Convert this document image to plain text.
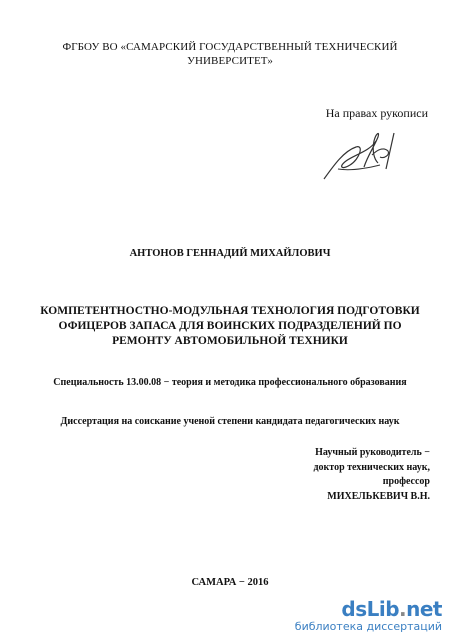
ФГБОУ ВО «САМАРСКИЙ ГОСУДАРСТВЕННЫЙ ТЕХНИЧЕСКИЙ
УНИВЕРСИТЕТ»
На правах рукописи
АНТОНОВ ГЕННАДИЙ МИХАЙЛОВИЧ
КОМПЕТЕНТНОСТНО-МОДУЛЬНАЯ ТЕХНОЛОГИЯ ПОДГОТОВКИ
ОФИЦЕРОВ ЗАПАСА ДЛЯ ВОИНСКИХ ПОДРАЗДЕЛЕНИЙ ПО
РЕМОНТУ АВТОМОБИЛЬНОЙ ТЕХНИКИ
Специальность 13.00.08 − теория и методика профессионального образования
Диссертация на соискание ученой степени кандидата педагогических наук
Научный руководитель −
доктор технических наук,
профессор
МИХЕЛЬКЕВИЧ В.Н.
САМАРА − 2016
dsLib.net
библиотека диссертаций
